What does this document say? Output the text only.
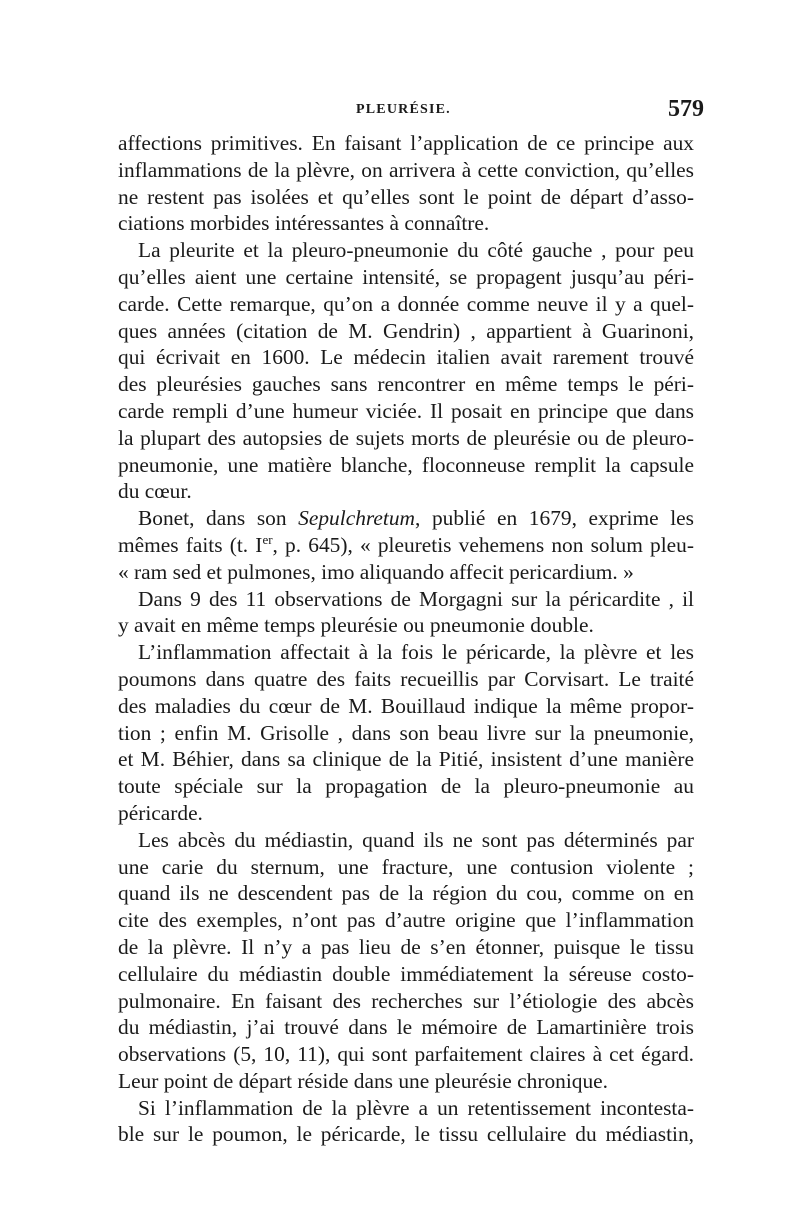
PLEURÉSIE.	579
affections primitives. En faisant l’application de ce principe aux
inflammations de la plèvre, on arrivera à cette conviction, qu’elles
ne restent pas isolées et qu’elles sont le point de départ d’asso-
ciations morbides intéressantes à connaître.
La pleurite et la pleuro-pneumonie du côté gauche , pour peu
qu’elles aient une certaine intensité, se propagent jusqu’au péri-
carde. Cette remarque, qu’on a donnée comme neuve il y a quel-
ques années (citation de M. Gendrin) , appartient à Guarinoni,
qui écrivait en 1600. Le médecin italien avait rarement trouvé
des pleurésies gauches sans rencontrer en même temps le péri-
carde rempli d’une humeur viciée. Il posait en principe que dans
la plupart des autopsies de sujets morts de pleurésie ou de pleuro-
pneumonie, une matière blanche, floconneuse remplit la capsule
du cœur.
Bonet, dans son Sepulchretum, publié en 1679, exprime les
mêmes faits (t. Ier, p. 645), « pleuretis vehemens non solum pleu-
« ram sed et pulmones, imo aliquando affecit pericardium. »
Dans 9 des 11 observations de Morgagni sur la péricardite , il
y avait en même temps pleurésie ou pneumonie double.
L’inflammation affectait à la fois le péricarde, la plèvre et les
poumons dans quatre des faits recueillis par Corvisart. Le traité
des maladies du cœur de M. Bouillaud indique la même propor-
tion ; enfin M. Grisolle , dans son beau livre sur la pneumonie,
et M. Béhier, dans sa clinique de la Pitié, insistent d’une manière
toute spéciale sur la propagation de la pleuro-pneumonie au
péricarde.
Les abcès du médiastin, quand ils ne sont pas déterminés par
une carie du sternum, une fracture, une contusion violente ;
quand ils ne descendent pas de la région du cou, comme on en
cite des exemples, n’ont pas d’autre origine que l’inflammation
de la plèvre. Il n’y a pas lieu de s’en étonner, puisque le tissu
cellulaire du médiastin double immédiatement la séreuse costo-
pulmonaire. En faisant des recherches sur l’étiologie des abcès
du médiastin, j’ai trouvé dans le mémoire de Lamartinière trois
observations (5, 10, 11), qui sont parfaitement claires à cet égard.
Leur point de départ réside dans une pleurésie chronique.
Si l’inflammation de la plèvre a un retentissement incontesta-
ble sur le poumon, le péricarde, le tissu cellulaire du médiastin,
